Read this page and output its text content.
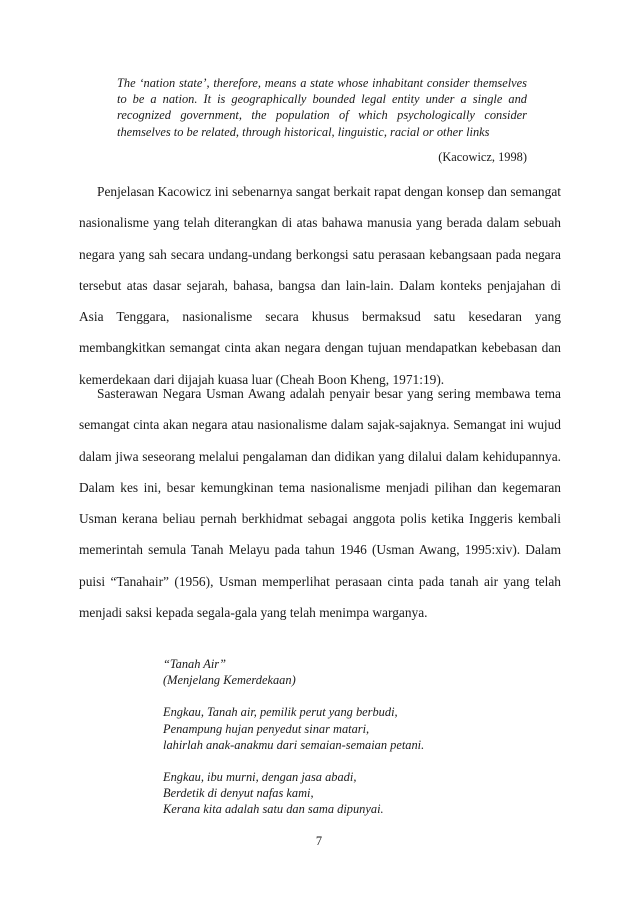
The ‘nation state’, therefore, means a state whose inhabitant consider themselves to be a nation. It is geographically bounded legal entity under a single and recognized government, the population of which psychologically consider themselves to be related, through historical, linguistic, racial or other links
(Kacowicz, 1998)
Penjelasan Kacowicz ini sebenarnya sangat berkait rapat dengan konsep dan semangat nasionalisme yang telah diterangkan di atas bahawa manusia yang berada dalam sebuah negara yang sah secara undang-undang berkongsi satu perasaan kebangsaan pada negara tersebut atas dasar sejarah, bahasa, bangsa dan lain-lain. Dalam konteks penjajahan di Asia Tenggara, nasionalisme secara khusus bermaksud satu kesedaran yang membangkitkan semangat cinta akan negara dengan tujuan mendapatkan kebebasan dan kemerdekaan dari dijajah kuasa luar (Cheah Boon Kheng, 1971:19).
Sasterawan Negara Usman Awang adalah penyair besar yang sering membawa tema semangat cinta akan negara atau nasionalisme dalam sajak-sajaknya. Semangat ini wujud dalam jiwa seseorang melalui pengalaman dan didikan yang dilalui dalam kehidupannya. Dalam kes ini, besar kemungkinan tema nasionalisme menjadi pilihan dan kegemaran Usman kerana beliau pernah berkhidmat sebagai anggota polis ketika Inggeris kembali memerintah semula Tanah Melayu pada tahun 1946 (Usman Awang, 1995:xiv). Dalam puisi “Tanahair” (1956), Usman memperlihat perasaan cinta pada tanah air yang telah menjadi saksi kepada segala-gala yang telah menimpa warganya.
“Tanah Air”
(Menjelang Kemerdekaan)
Engkau, Tanah air, pemilik perut yang berbudi,
Penampung hujan penyedut sinar matari,
lahirlah anak-anakmu dari semaian-semaian petani.
Engkau, ibu murni, dengan jasa abadi,
Berdetik di denyut nafas kami,
Kerana kita adalah satu dan sama dipunyai.
7
